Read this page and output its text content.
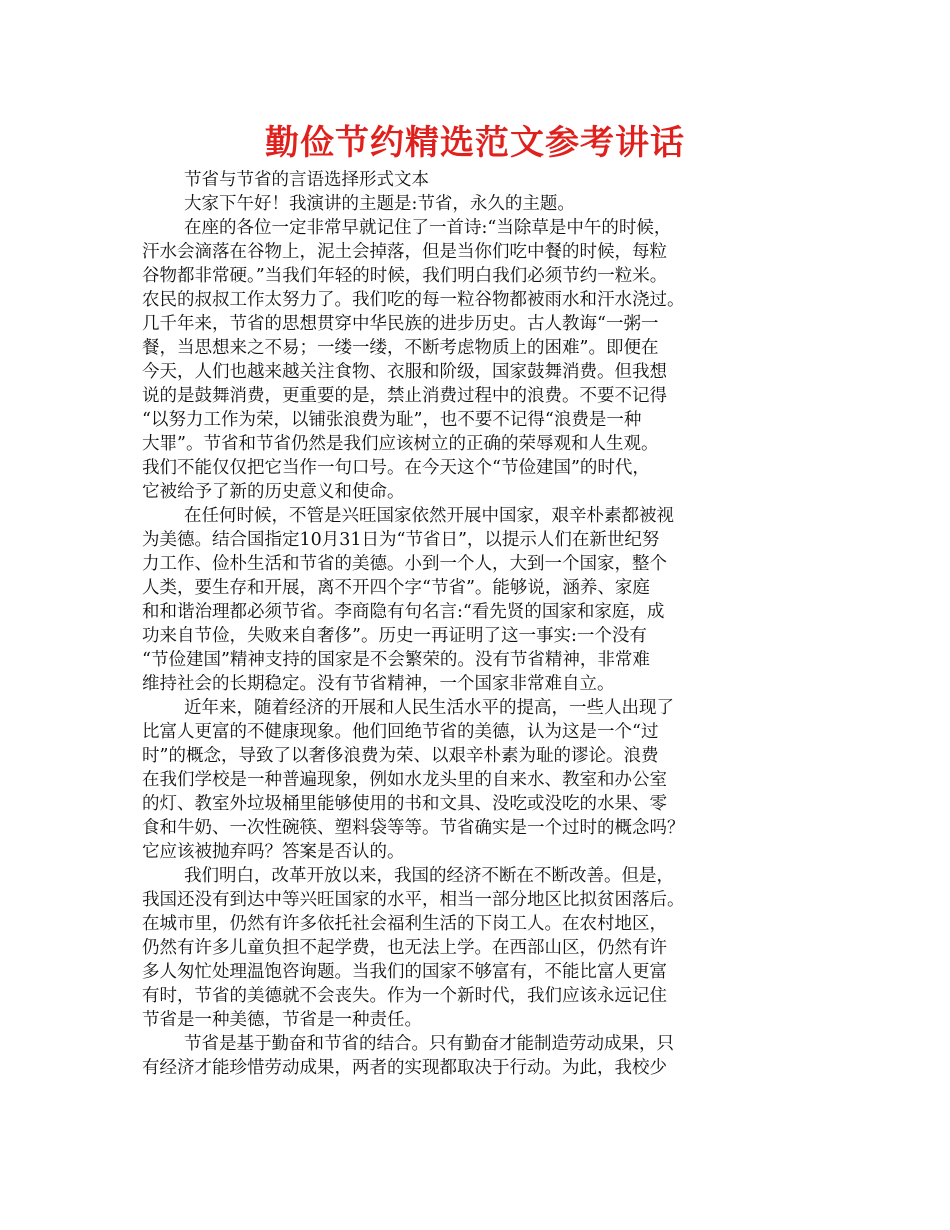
勤俭节约精选范文参考讲话
节省与节省的言语选择形式文本
大家下午好！我演讲的主题是:节省，永久的主题。
在座的各位一定非常早就记住了一首诗:“当除草是中午的时候，
汗水会滴落在谷物上，泥土会掉落，但是当你们吃中餐的时候，每粒
谷物都非常硬。”当我们年轻的时候，我们明白我们必须节约一粒米。
农民的叔叔工作太努力了。我们吃的每一粒谷物都被雨水和汗水浇过。
几千年来，节省的思想贯穿中华民族的进步历史。古人教诲“一粥一
餐，当思想来之不易；一缕一缕，不断考虑物质上的困难”。即便在
今天，人们也越来越关注食物、衣服和阶级，国家鼓舞消费。但我想
说的是鼓舞消费，更重要的是，禁止消费过程中的浪费。不要不记得
“以努力工作为荣，以铺张浪费为耻”，也不要不记得“浪费是一种
大罪”。节省和节省仍然是我们应该树立的正确的荣辱观和人生观。
我们不能仅仅把它当作一句口号。在今天这个“节俭建国”的时代，
它被给予了新的历史意义和使命。
在任何时候，不管是兴旺国家依然开展中国家，艰辛朴素都被视
为美德。结合国指定10月31日为“节省日”，以提示人们在新世纪努
力工作、俭朴生活和节省的美德。小到一个人，大到一个国家，整个
人类，要生存和开展，离不开四个字“节省”。能够说，涵养、家庭
和和谐治理都必须节省。李商隐有句名言:“看先贤的国家和家庭，成
功来自节俭，失败来自奢侈”。历史一再证明了这一事实:一个没有
“节俭建国”精神支持的国家是不会繁荣的。没有节省精神，非常难
维持社会的长期稳定。没有节省精神，一个国家非常难自立。
近年来，随着经济的开展和人民生活水平的提高，一些人出现了
比富人更富的不健康现象。他们回绝节省的美德，认为这是一个“过
时”的概念，导致了以奢侈浪费为荣、以艰辛朴素为耻的谬论。浪费
在我们学校是一种普遍现象，例如水龙头里的自来水、教室和办公室
的灯、教室外垃圾桶里能够使用的书和文具、没吃或没吃的水果、零
食和牛奶、一次性碗筷、塑料袋等等。节省确实是一个过时的概念吗？
它应该被抛弃吗？答案是否认的。
我们明白，改革开放以来，我国的经济不断在不断改善。但是，
我国还没有到达中等兴旺国家的水平，相当一部分地区比拟贫困落后。
在城市里，仍然有许多依托社会福利生活的下岗工人。在农村地区，
仍然有许多儿童负担不起学费，也无法上学。在西部山区，仍然有许
多人匆忙处理温饱咨询题。当我们的国家不够富有，不能比富人更富
有时，节省的美德就不会丧失。作为一个新时代，我们应该永远记住
节省是一种美德，节省是一种责任。
节省是基于勤奋和节省的结合。只有勤奋才能制造劳动成果，只
有经济才能珍惜劳动成果，两者的实现都取决于行动。为此，我校少
